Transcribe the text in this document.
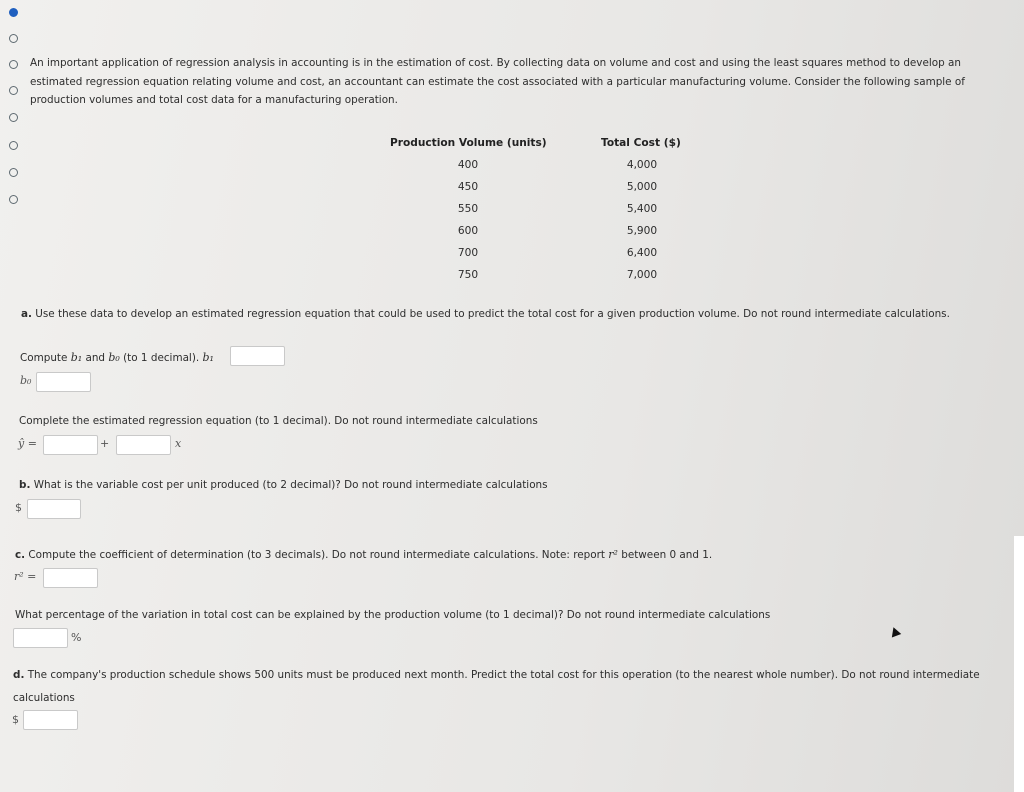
An important application of regression analysis in accounting is in the estimation of cost. By collecting data on volume and cost and using the least squares method to develop an
estimated regression equation relating volume and cost, an accountant can estimate the cost associated with a particular manufacturing volume. Consider the following sample of
production volumes and total cost data for a manufacturing operation.
Production Volume (units)	Total Cost ($)
400	4,000
450	5,000
550	5,400
600	5,900
700	6,400
750	7,000
a. Use these data to develop an estimated regression equation that could be used to predict the total cost for a given production volume. Do not round intermediate calculations.
Compute b₁ and b₀ (to 1 decimal). b₁
b₀
Complete the estimated regression equation (to 1 decimal). Do not round intermediate calculations
ŷ =	+	x
b. What is the variable cost per unit produced (to 2 decimal)? Do not round intermediate calculations
$
c. Compute the coefficient of determination (to 3 decimals). Do not round intermediate calculations. Note: report r² between 0 and 1.
r² =
What percentage of the variation in total cost can be explained by the production volume (to 1 decimal)? Do not round intermediate calculations
%
d. The company's production schedule shows 500 units must be produced next month. Predict the total cost for this operation (to the nearest whole number). Do not round intermediate
calculations
$
